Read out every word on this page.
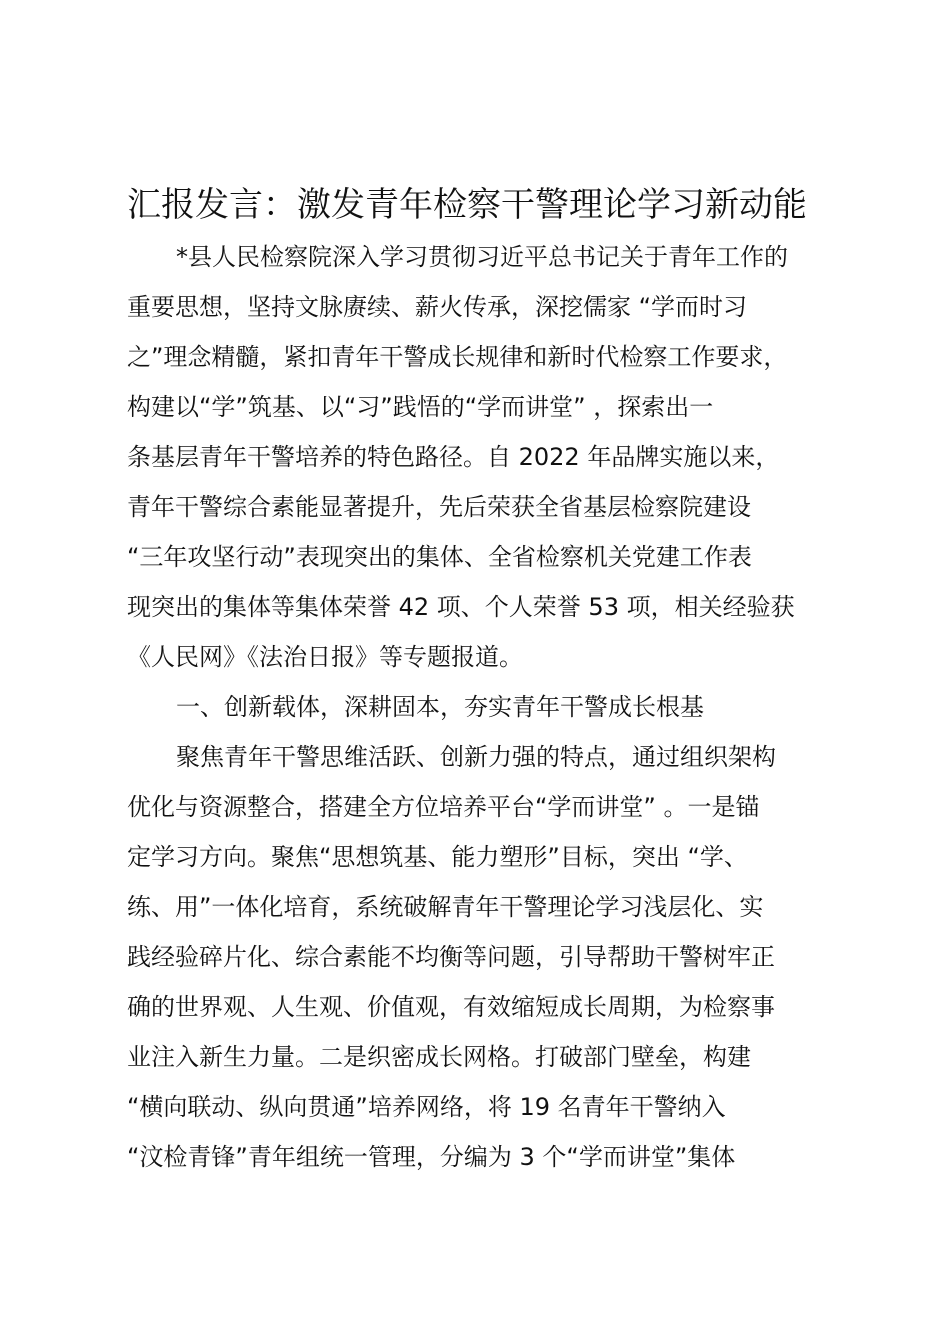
汇报发言：激发青年检察干警理论学习新动能

*县人民检察院深入学习贯彻习近平总书记关于青年工作的

重要思想，坚持文脉赓续、薪火传承，深挖儒家 “学而时习

之”理念精髓，紧扣青年干警成长规律和新时代检察工作要求，

构建以“学”筑基、以“习”践悟的“学而讲堂” ，探索出一

条基层青年干警培养的特色路径。自 2022 年品牌实施以来，

青年干警综合素能显著提升，先后荣获全省基层检察院建设

“三年攻坚行动”表现突出的集体、全省检察机关党建工作表

现突出的集体等集体荣誉 42 项、个人荣誉 53 项，相关经验获

《人民网》《法治日报》等专题报道。

一、创新载体，深耕固本，夯实青年干警成长根基

聚焦青年干警思维活跃、创新力强的特点，通过组织架构

优化与资源整合，搭建全方位培养平台“学而讲堂” 。一是锚

定学习方向。聚焦“思想筑基、能力塑形”目标，突出 “学、

练、用”一体化培育，系统破解青年干警理论学习浅层化、实

践经验碎片化、综合素能不均衡等问题，引导帮助干警树牢正

确的世界观、人生观、价值观，有效缩短成长周期，为检察事

业注入新生力量。二是织密成长网格。打破部门壁垒，构建

“横向联动、纵向贯通”培养网络，将 19 名青年干警纳入

“汶检青锋”青年组统一管理，分编为 3 个“学而讲堂”集体
